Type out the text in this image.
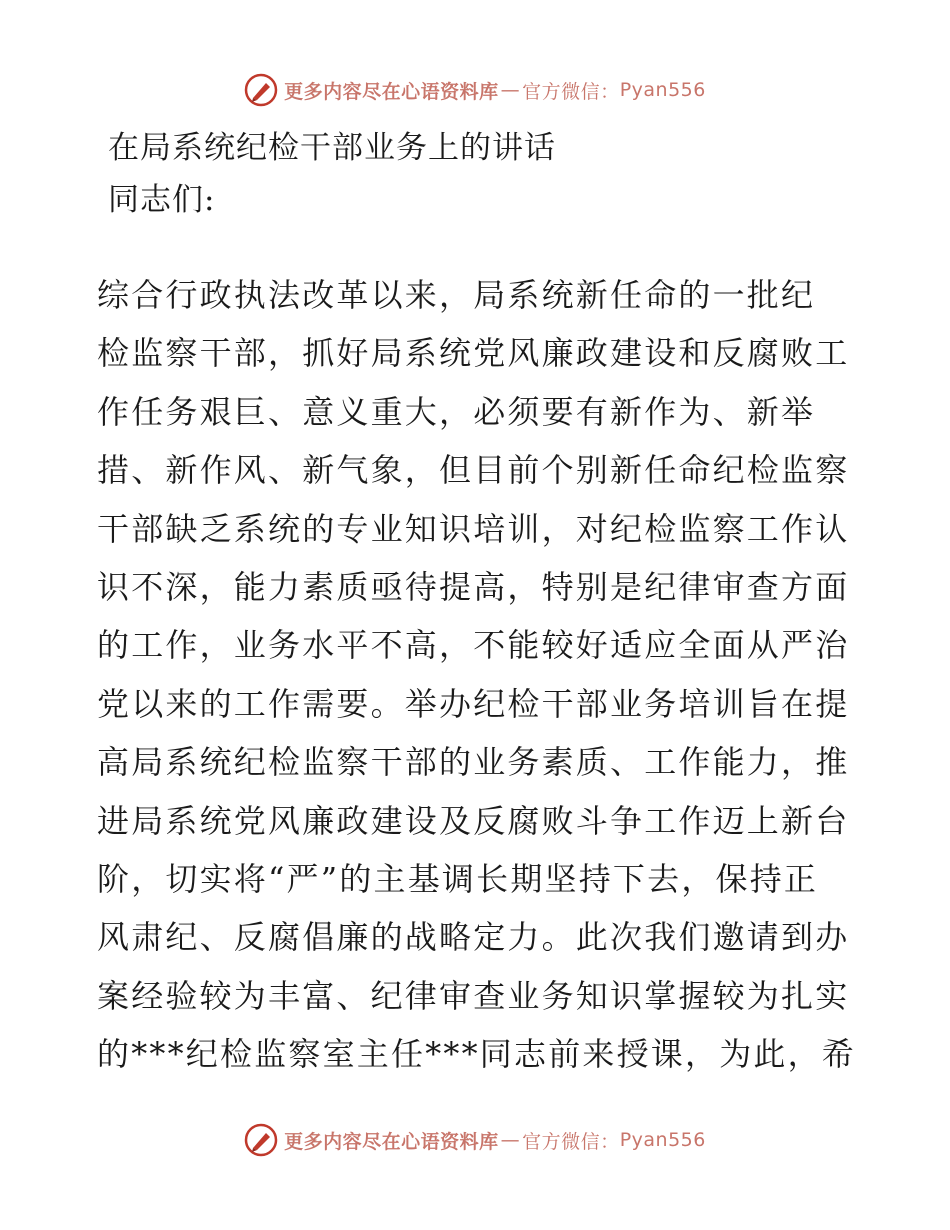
更多内容尽在心语资料库 — 官方微信： Pyan556
在局系统纪检干部业务上的讲话
同志们:
综合行政执法改革以来，局系统新任命的一批纪
检监察干部，抓好局系统党风廉政建设和反腐败工
作任务艰巨、意义重大，必须要有新作为、新举
措、新作风、新气象，但目前个别新任命纪检监察
干部缺乏系统的专业知识培训，对纪检监察工作认
识不深，能力素质亟待提高，特别是纪律审查方面
的工作，业务水平不高，不能较好适应全面从严治
党以来的工作需要。举办纪检干部业务培训旨在提
高局系统纪检监察干部的业务素质、工作能力，推
进局系统党风廉政建设及反腐败斗争工作迈上新台
阶，切实将“严”的主基调长期坚持下去，保持正
风肃纪、反腐倡廉的战略定力。此次我们邀请到办
案经验较为丰富、纪律审查业务知识掌握较为扎实
的***纪检监察室主任***同志前来授课，为此，希
更多内容尽在心语资料库 — 官方微信： Pyan556
